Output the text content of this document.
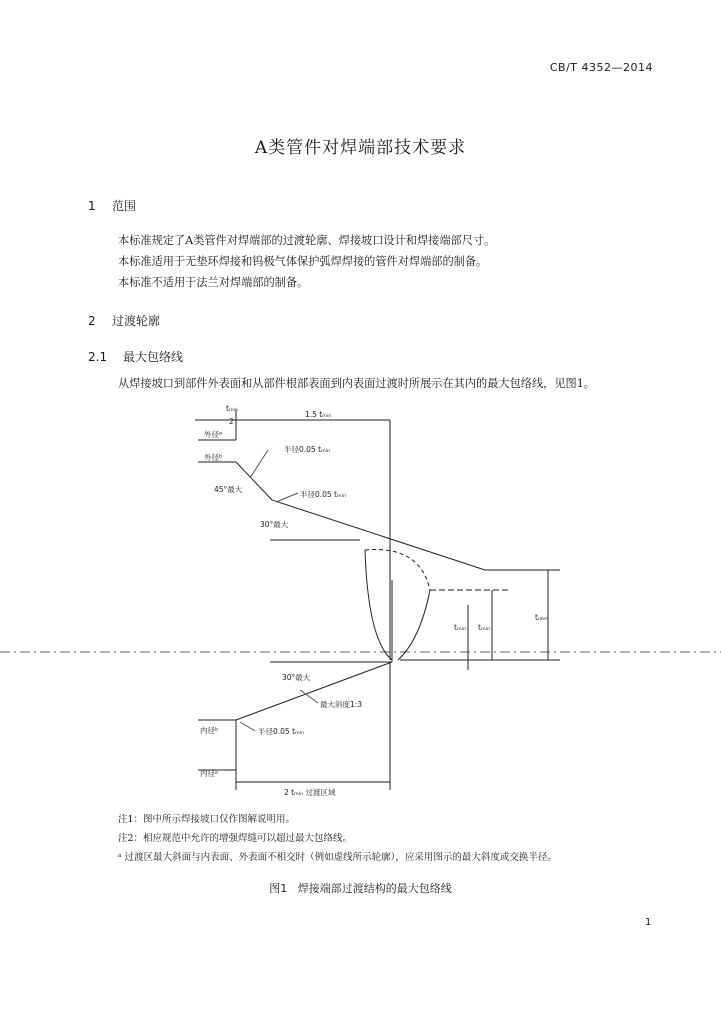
CB/T 4352—2014
A类管件对焊端部技术要求
1 范围
本标准规定了A类管件对焊端部的过渡轮廓、焊接坡口设计和焊接端部尺寸。
本标准适用于无垫环焊接和钨极气体保护弧焊焊接的管件对焊端部的制备。
本标准不适用于法兰对焊端部的制备。
2 过渡轮廓
2.1 最大包络线
从焊接坡口到部件外表面和从部件根部表面到内表面过渡时所展示在其内的最大包络线，见图1。
tₘᵢₙ
2
1.5 tₘᵢₙ
外径ᵃ
外径ᵇ
半径0.05 tₘᵢₙ
半径0.05 tₘᵢₙ
45°最大
30°最大
tₙₒₘ
tₘᵢₙ
tₘᵢₙ
30°最大
最大斜度1:3
内径ᵇ	半径0.05 tₘᵢₙ
内径ᵃ
2 tₘᵢₙ 过渡区域
注1：图中所示焊接坡口仅作图解说明用。
注2：相应规范中允许的增强焊缝可以超过最大包络线。
ᵃ 过渡区最大斜面与内表面、外表面不相交时（例如虚线所示轮廓），应采用图示的最大斜度或交换半径。
图1 焊接端部过渡结构的最大包络线
1
